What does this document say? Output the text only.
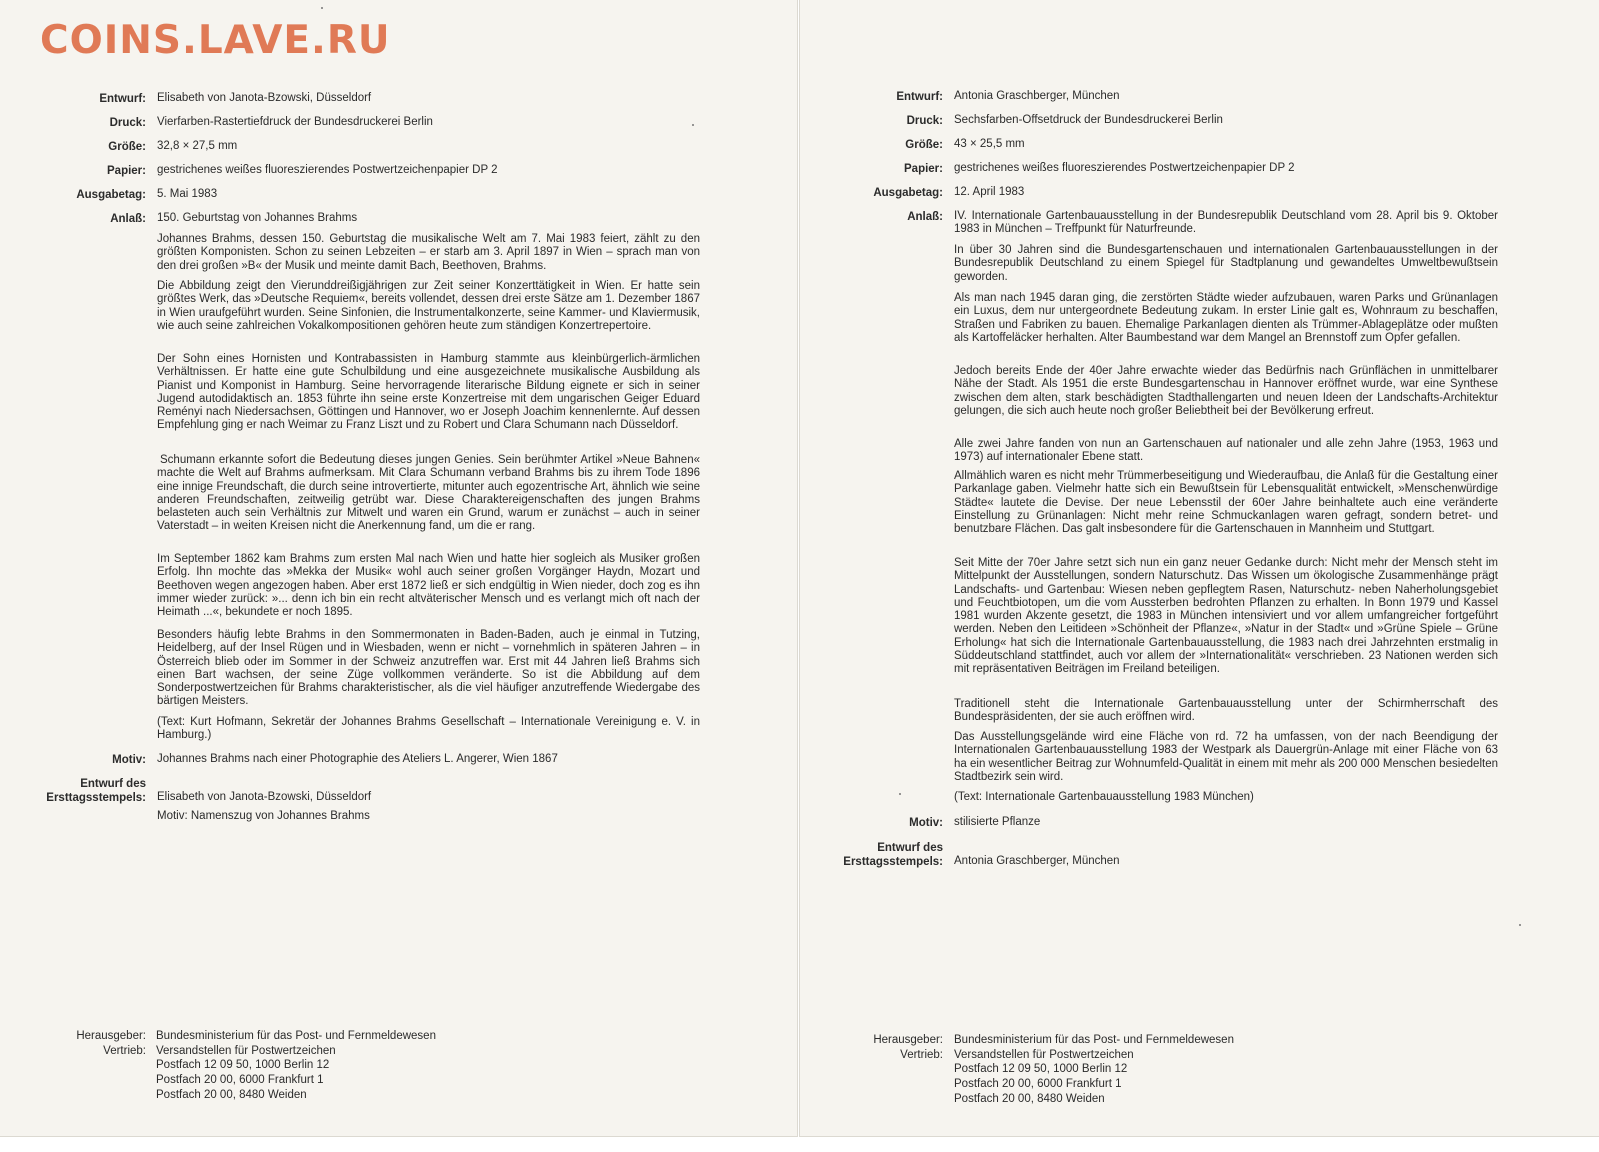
COINS.LAVE.RU
Entwurf: Elisabeth von Janota-Bzowski, Düsseldorf
Druck: Vierfarben-Rastertiefdruck der Bundesdruckerei Berlin
Größe: 32,8 × 27,5 mm
Papier: gestrichenes weißes fluoreszierendes Postwertzeichenpapier DP 2
Ausgabetag: 5. Mai 1983
Anlaß: 150. Geburtstag von Johannes Brahms
Johannes Brahms, dessen 150. Geburtstag die musikalische Welt am 7. Mai 1983 feiert, zählt zu den größten Komponisten. Schon zu seinen Lebzeiten – er starb am 3. April 1897 in Wien – sprach man von den drei großen »B« der Musik und meinte damit Bach, Beethoven, Brahms.
Die Abbildung zeigt den Vierunddreißigjährigen zur Zeit seiner Konzerttätigkeit in Wien. Er hatte sein größtes Werk, das »Deutsche Requiem«, bereits vollendet, dessen drei erste Sätze am 1. Dezember 1867 in Wien uraufgeführt wurden. Seine Sinfonien, die Instrumentalkonzerte, seine Kammer- und Klaviermusik, wie auch seine zahlreichen Vokalkompositionen gehören heute zum ständigen Konzertrepertoire.
Der Sohn eines Hornisten und Kontrabassisten in Hamburg stammte aus kleinbürgerlich-ärmlichen Verhältnissen. Er hatte eine gute Schulbildung und eine ausgezeichnete musikalische Ausbildung als Pianist und Komponist in Hamburg. Seine hervorragende literarische Bildung eignete er sich in seiner Jugend autodidaktisch an. 1853 führte ihn seine erste Konzertreise mit dem ungarischen Geiger Eduard Reményi nach Niedersachsen, Göttingen und Hannover, wo er Joseph Joachim kennenlernte. Auf dessen Empfehlung ging er nach Weimar zu Franz Liszt und zu Robert und Clara Schumann nach Düsseldorf.
Schumann erkannte sofort die Bedeutung dieses jungen Genies. Sein berühmter Artikel »Neue Bahnen« machte die Welt auf Brahms aufmerksam. Mit Clara Schumann verband Brahms bis zu ihrem Tode 1896 eine innige Freundschaft, die durch seine introvertierte, mitunter auch egozentrische Art, ähnlich wie seine anderen Freundschaften, zeitweilig getrübt war. Diese Charaktereigenschaften des jungen Brahms belasteten auch sein Verhältnis zur Mitwelt und waren ein Grund, warum er zunächst – auch in seiner Vaterstadt – in weiten Kreisen nicht die Anerkennung fand, um die er rang.
Im September 1862 kam Brahms zum ersten Mal nach Wien und hatte hier sogleich als Musiker großen Erfolg. Ihn mochte das »Mekka der Musik« wohl auch seiner großen Vorgänger Haydn, Mozart und Beethoven wegen angezogen haben. Aber erst 1872 ließ er sich endgültig in Wien nieder, doch zog es ihn immer wieder zurück: »... denn ich bin ein recht altväterischer Mensch und es verlangt mich oft nach der Heimath ...«, bekundete er noch 1895.
Besonders häufig lebte Brahms in den Sommermonaten in Baden-Baden, auch je einmal in Tutzing, Heidelberg, auf der Insel Rügen und in Wiesbaden, wenn er nicht – vornehmlich in späteren Jahren – in Österreich blieb oder im Sommer in der Schweiz anzutreffen war. Erst mit 44 Jahren ließ Brahms sich einen Bart wachsen, der seine Züge vollkommen veränderte. So ist die Abbildung auf dem Sonderpostwertzeichen für Brahms charakteristischer, als die viel häufiger anzutreffende Wiedergabe des bärtigen Meisters.
(Text: Kurt Hofmann, Sekretär der Johannes Brahms Gesellschaft – Internationale Vereinigung e. V. in Hamburg.)
Motiv: Johannes Brahms nach einer Photographie des Ateliers L. Angerer, Wien 1867
Entwurf des
Ersttagsstempels: Elisabeth von Janota-Bzowski, Düsseldorf
Motiv: Namenszug von Johannes Brahms
Herausgeber:
Vertrieb:
Bundesministerium für das Post- und Fernmeldewesen
Versandstellen für Postwertzeichen
Postfach 12 09 50, 1000 Berlin 12
Postfach 20 00, 6000 Frankfurt 1
Postfach 20 00, 8480 Weiden
Entwurf: Antonia Graschberger, München
Druck: Sechsfarben-Offsetdruck der Bundesdruckerei Berlin
Größe: 43 × 25,5 mm
Papier: gestrichenes weißes fluoreszierendes Postwertzeichenpapier DP 2
Ausgabetag: 12. April 1983
Anlaß: IV. Internationale Gartenbauausstellung in der Bundesrepublik Deutschland vom 28. April bis 9. Oktober 1983 in München – Treffpunkt für Naturfreunde.
In über 30 Jahren sind die Bundesgartenschauen und internationalen Gartenbauausstellungen in der Bundesrepublik Deutschland zu einem Spiegel für Stadtplanung und gewandeltes Umweltbewußtsein geworden.
Als man nach 1945 daran ging, die zerstörten Städte wieder aufzubauen, waren Parks und Grünanlagen ein Luxus, dem nur untergeordnete Bedeutung zukam. In erster Linie galt es, Wohnraum zu beschaffen, Straßen und Fabriken zu bauen. Ehemalige Parkanlagen dienten als Trümmer-Ablageplätze oder mußten als Kartoffeläcker herhalten. Alter Baumbestand war dem Mangel an Brennstoff zum Opfer gefallen.
Jedoch bereits Ende der 40er Jahre erwachte wieder das Bedürfnis nach Grünflächen in unmittelbarer Nähe der Stadt. Als 1951 die erste Bundesgartenschau in Hannover eröffnet wurde, war eine Synthese zwischen dem alten, stark beschädigten Stadthallengarten und neuen Ideen der Landschafts-Architektur gelungen, die sich auch heute noch großer Beliebtheit bei der Bevölkerung erfreut.
Alle zwei Jahre fanden von nun an Gartenschauen auf nationaler und alle zehn Jahre (1953, 1963 und 1973) auf internationaler Ebene statt.
Allmählich waren es nicht mehr Trümmerbeseitigung und Wiederaufbau, die Anlaß für die Gestaltung einer Parkanlage gaben. Vielmehr hatte sich ein Bewußtsein für Lebensqualität entwickelt, »Menschenwürdige Städte« lautete die Devise. Der neue Lebensstil der 60er Jahre beinhaltete auch eine veränderte Einstellung zu Grünanlagen: Nicht mehr reine Schmuckanlagen waren gefragt, sondern betret- und benutzbare Flächen. Das galt insbesondere für die Gartenschauen in Mannheim und Stuttgart.
Seit Mitte der 70er Jahre setzt sich nun ein ganz neuer Gedanke durch: Nicht mehr der Mensch steht im Mittelpunkt der Ausstellungen, sondern Naturschutz. Das Wissen um ökologische Zusammenhänge prägt Landschafts- und Gartenbau: Wiesen neben gepflegtem Rasen, Naturschutz- neben Naherholungsgebiet und Feuchtbiotopen, um die vom Aussterben bedrohten Pflanzen zu erhalten. In Bonn 1979 und Kassel 1981 wurden Akzente gesetzt, die 1983 in München intensiviert und vor allem umfangreicher fortgeführt werden. Neben den Leitideen »Schönheit der Pflanze«, »Natur in der Stadt« und »Grüne Spiele – Grüne Erholung« hat sich die Internationale Gartenbauausstellung, die 1983 nach drei Jahrzehnten erstmalig in Süddeutschland stattfindet, auch vor allem der »Internationalität« verschrieben. 23 Nationen werden sich mit repräsentativen Beiträgen im Freiland beteiligen.
Traditionell steht die Internationale Gartenbauausstellung unter der Schirmherrschaft des Bundespräsidenten, der sie auch eröffnen wird.
Das Ausstellungsgelände wird eine Fläche von rd. 72 ha umfassen, von der nach Beendigung der Internationalen Gartenbauausstellung 1983 der Westpark als Dauergrün-Anlage mit einer Fläche von 63 ha ein wesentlicher Beitrag zur Wohnumfeld-Qualität in einem mit mehr als 200 000 Menschen besiedelten Stadtbezirk sein wird.
(Text: Internationale Gartenbauausstellung 1983 München)
Motiv: stilisierte Pflanze
Entwurf des
Ersttagsstempels: Antonia Graschberger, München
Herausgeber:
Vertrieb:
Bundesministerium für das Post- und Fernmeldewesen
Versandstellen für Postwertzeichen
Postfach 12 09 50, 1000 Berlin 12
Postfach 20 00, 6000 Frankfurt 1
Postfach 20 00, 8480 Weiden
